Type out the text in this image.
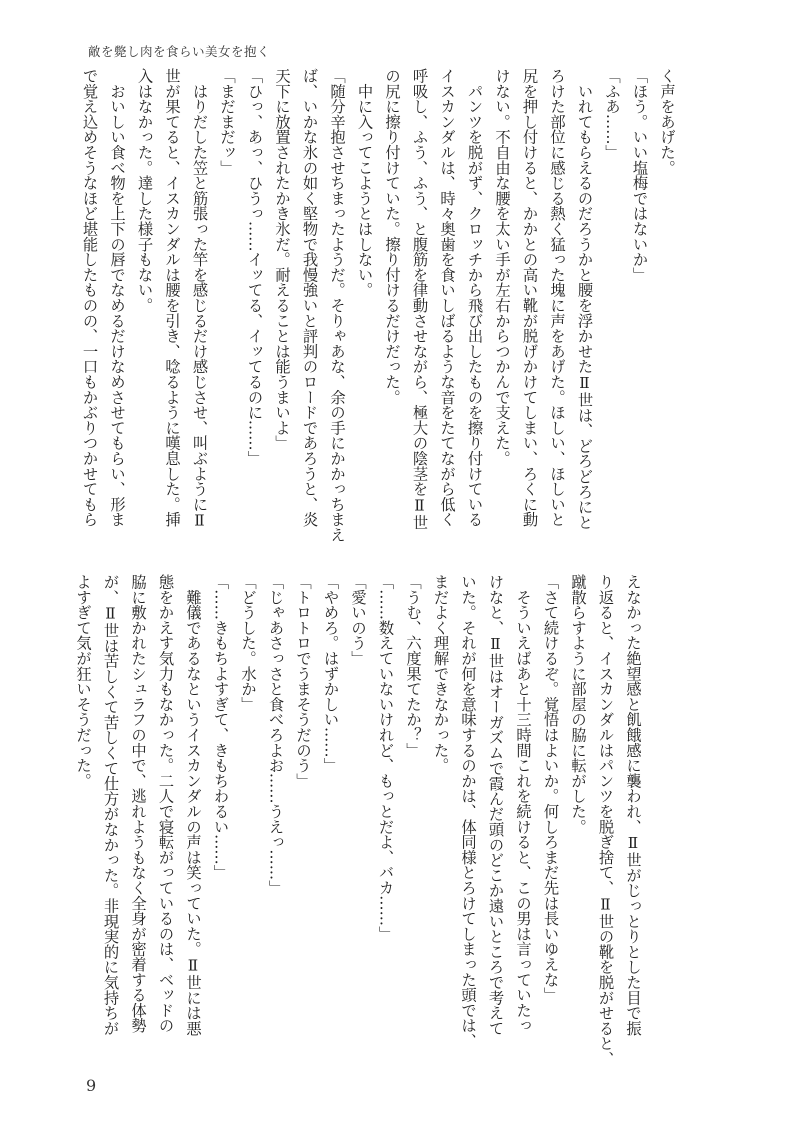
敵を斃し肉を食らい美女を抱く
く声をあげた。
「ほう。いい塩梅ではないか」
「ふあ……」
　いれてもらえるのだろうかと腰を浮かせたⅡ世は、どろどろにと
ろけた部位に感じる熱く猛った塊に声をあげた。ほしい、ほしいと
尻を押し付けると、かかとの高い靴が脱げかけてしまい、ろくに動
けない。不自由な腰を太い手が左右からつかんで支えた。
　パンツを脱がず、クロッチから飛び出したものを擦り付けている
イスカンダルは、時々奥歯を食いしばるような音をたてながら低く
呼吸し、ふう、ふう、と腹筋を律動させながら、極大の陰茎をⅡ世
の尻に擦り付けていた。擦り付けるだけだった。
　中に入ってこようとはしない。
「随分辛抱させちまったようだ。そりゃあな、余の手にかかっちまえ
ば、いかな氷の如く堅物で我慢強いと評判のロードであろうと、炎
天下に放置されたかき氷だ。耐えることは能うまいよ」
「ひっ、あっ、ひうっ……イッてる、イッてるのに……」
「まだまだッ」
　はりだした笠と筋張った竿を感じるだけ感じさせ、叫ぶようにⅡ
世が果てると、イスカンダルは腰を引き、唸るように嘆息した。挿
入はなかった。達した様子もない。
　おいしい食べ物を上下の唇でなめるだけなめさせてもらい、形ま
で覚え込めそうなほど堪能したものの、一口もかぶりつかせてもら
えなかった絶望感と飢餓感に襲われ、Ⅱ世がじっとりとした目で振
り返ると、イスカンダルはパンツを脱ぎ捨て、Ⅱ世の靴を脱がせると、
蹴散らすように部屋の脇に転がした。
「さて続けるぞ。覚悟はよいか。何しろまだ先は長いゆえな」
　そういえばあと十三時間これを続けると、この男は言っていたっ
けなと、Ⅱ世はオーガズムで霞んだ頭のどこか遠いところで考えて
いた。それが何を意味するのかは、体同様とろけてしまった頭では、
まだよく理解できなかった。
「うむ、六度果てたか？」
「……数えていないけれど、もっとだよ、バカ……」
「愛いのう」
「やめろ。はずかしい……」
「トロトロでうまそうだのう」
「じゃあさっさと食べろよお……うえっ……」
「どうした。水か」
「……きもちよすぎて、きもちわるい……」
　難儀であるなというイスカンダルの声は笑っていた。Ⅱ世には悪
態をかえす気力もなかった。二人で寝転がっているのは、ベッドの
脇に敷かれたシュラフの中で、逃れようもなく全身が密着する体勢
が、Ⅱ世は苦しくて苦しくて仕方がなかった。非現実的に気持ちが
よすぎて気が狂いそうだった。
9
